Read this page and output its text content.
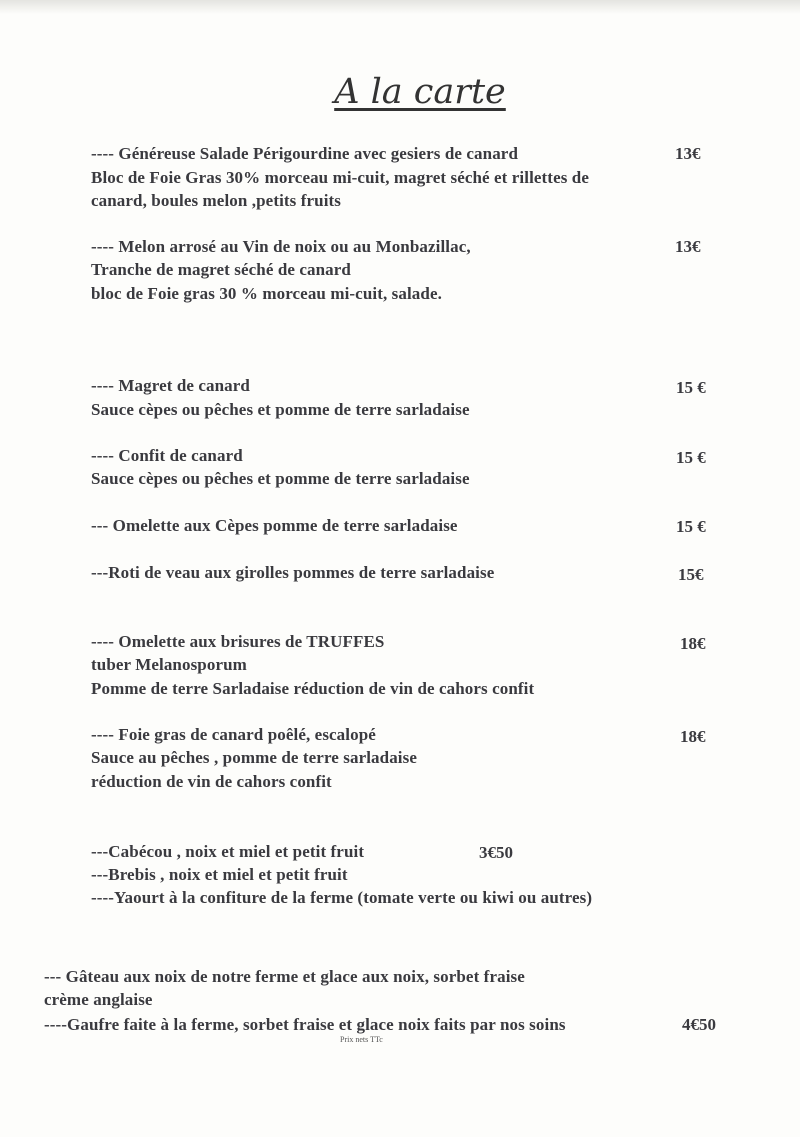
A la carte
---- Généreuse Salade Périgourdine avec gesiers de canard	13€
Bloc de Foie Gras 30% morceau mi-cuit, magret séché et rillettes de
canard, boules melon ,petits fruits
---- Melon arrosé au Vin de noix ou au Monbazillac,	13€
Tranche de magret séché de canard
bloc de Foie gras 30 % morceau mi-cuit, salade.
---- Magret de canard	15 €
Sauce cèpes ou pêches et pomme de terre sarladaise
---- Confit de canard	15 €
Sauce cèpes ou pêches et pomme de terre sarladaise
--- Omelette aux Cèpes pomme de terre sarladaise	15 €
---Roti de veau aux girolles pommes de terre sarladaise	15€
---- Omelette aux brisures de TRUFFES	18€
tuber Melanosporum
Pomme de terre Sarladaise réduction de vin de cahors confit
---- Foie gras de canard poêlé, escalopé	18€
Sauce au pêches , pomme de terre sarladaise
réduction de vin de cahors confit
---Cabécou , noix et miel et petit fruit	3€50
---Brebis , noix et miel et petit fruit
----Yaourt à la confiture de la ferme (tomate verte ou kiwi ou autres)
--- Gâteau aux noix de notre ferme et glace aux noix, sorbet fraise
crème anglaise
----Gaufre faite à la ferme, sorbet fraise et glace noix faits par nos soins	4€50
Prix nets TTc
